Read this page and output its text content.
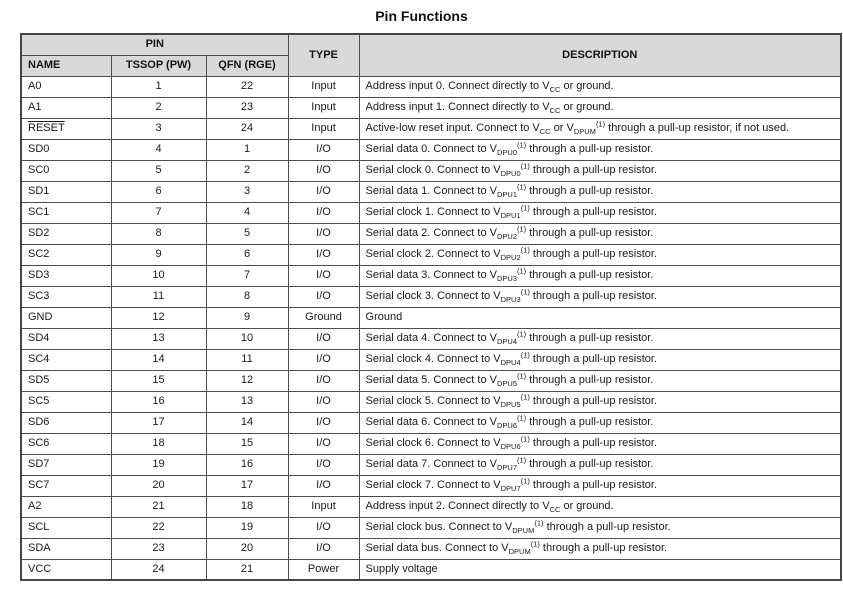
Pin Functions
PIN			TYPE	DESCRIPTION
NAME	TSSOP (PW)	QFN (RGE)		
A0	1	22	Input	Address input 0. Connect directly to $V_{CC}$ or ground.
A1	2	23	Input	Address input 1. Connect directly to $V_{CC}$ or ground.
RESET	3	24	Input	Active-low reset input. Connect to $V_{CC}$ or $V_{DPUM}^{(1)}$ through a pull-up resistor, if not used.
SD0	4	1	I/O	Serial data 0. Connect to $V_{DPU0}^{(1)}$ through a pull-up resistor.
SC0	5	2	I/O	Serial clock 0. Connect to $V_{DPU0}^{(1)}$ through a pull-up resistor.
SD1	6	3	I/O	Serial data 1. Connect to $V_{DPU1}^{(1)}$ through a pull-up resistor.
SC1	7	4	I/O	Serial clock 1. Connect to $V_{DPU1}^{(1)}$ through a pull-up resistor.
SD2	8	5	I/O	Serial data 2. Connect to $V_{DPU2}^{(1)}$ through a pull-up resistor.
SC2	9	6	I/O	Serial clock 2. Connect to $V_{DPU2}^{(1)}$ through a pull-up resistor.
SD3	10	7	I/O	Serial data 3. Connect to $V_{DPU3}^{(1)}$ through a pull-up resistor.
SC3	11	8	I/O	Serial clock 3. Connect to $V_{DPU3}^{(1)}$ through a pull-up resistor.
GND	12	9	Ground	Ground
SD4	13	10	I/O	Serial data 4. Connect to $V_{DPU4}^{(1)}$ through a pull-up resistor.
SC4	14	11	I/O	Serial clock 4. Connect to $V_{DPU4}^{(1)}$ through a pull-up resistor.
SD5	15	12	I/O	Serial data 5. Connect to $V_{DPU5}^{(1)}$ through a pull-up resistor.
SC5	16	13	I/O	Serial clock 5. Connect to $V_{DPU5}^{(1)}$ through a pull-up resistor.
SD6	17	14	I/O	Serial data 6. Connect to $V_{DPU6}^{(1)}$ through a pull-up resistor.
SC6	18	15	I/O	Serial clock 6. Connect to $V_{DPU6}^{(1)}$ through a pull-up resistor.
SD7	19	16	I/O	Serial data 7. Connect to $V_{DPU7}^{(1)}$ through a pull-up resistor.
SC7	20	17	I/O	Serial clock 7. Connect to $V_{DPU7}^{(1)}$ through a pull-up resistor.
A2	21	18	Input	Address input 2. Connect directly to $V_{CC}$ or ground.
SCL	22	19	I/O	Serial clock bus. Connect to $V_{DPUM}^{(1)}$ through a pull-up resistor.
SDA	23	20	I/O	Serial data bus. Connect to $V_{DPUM}^{(1)}$ through a pull-up resistor.
VCC	24	21	Power	Supply voltage
